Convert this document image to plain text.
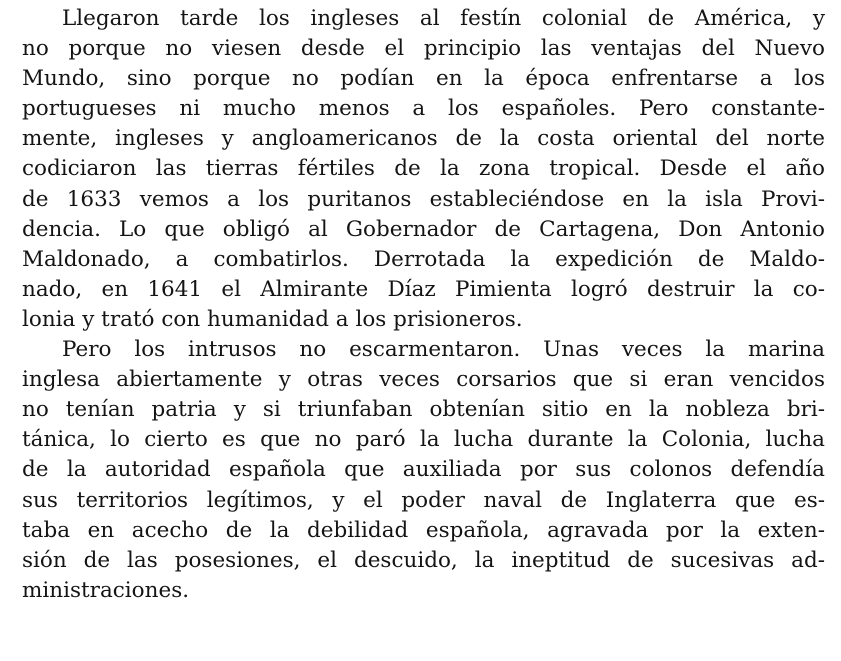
Llegaron tarde los ingleses al festín colonial de América, y
no porque no viesen desde el principio las ventajas del Nuevo
Mundo, sino porque no podían en la época enfrentarse a los
portugueses ni mucho menos a los españoles. Pero constante-
mente, ingleses y angloamericanos de la costa oriental del norte
codiciaron las tierras fértiles de la zona tropical. Desde el año
de 1633 vemos a los puritanos estableciéndose en la isla Provi-
dencia. Lo que obligó al Gobernador de Cartagena, Don Antonio
Maldonado, a combatirlos. Derrotada la expedición de Maldo-
nado, en 1641 el Almirante Díaz Pimienta logró destruir la co-
lonia y trató con humanidad a los prisioneros.
Pero los intrusos no escarmentaron. Unas veces la marina
inglesa abiertamente y otras veces corsarios que si eran vencidos
no tenían patria y si triunfaban obtenían sitio en la nobleza bri-
tánica, lo cierto es que no paró la lucha durante la Colonia, lucha
de la autoridad española que auxiliada por sus colonos defendía
sus territorios legítimos, y el poder naval de Inglaterra que es-
taba en acecho de la debilidad española, agravada por la exten-
sión de las posesiones, el descuido, la ineptitud de sucesivas ad-
ministraciones.
